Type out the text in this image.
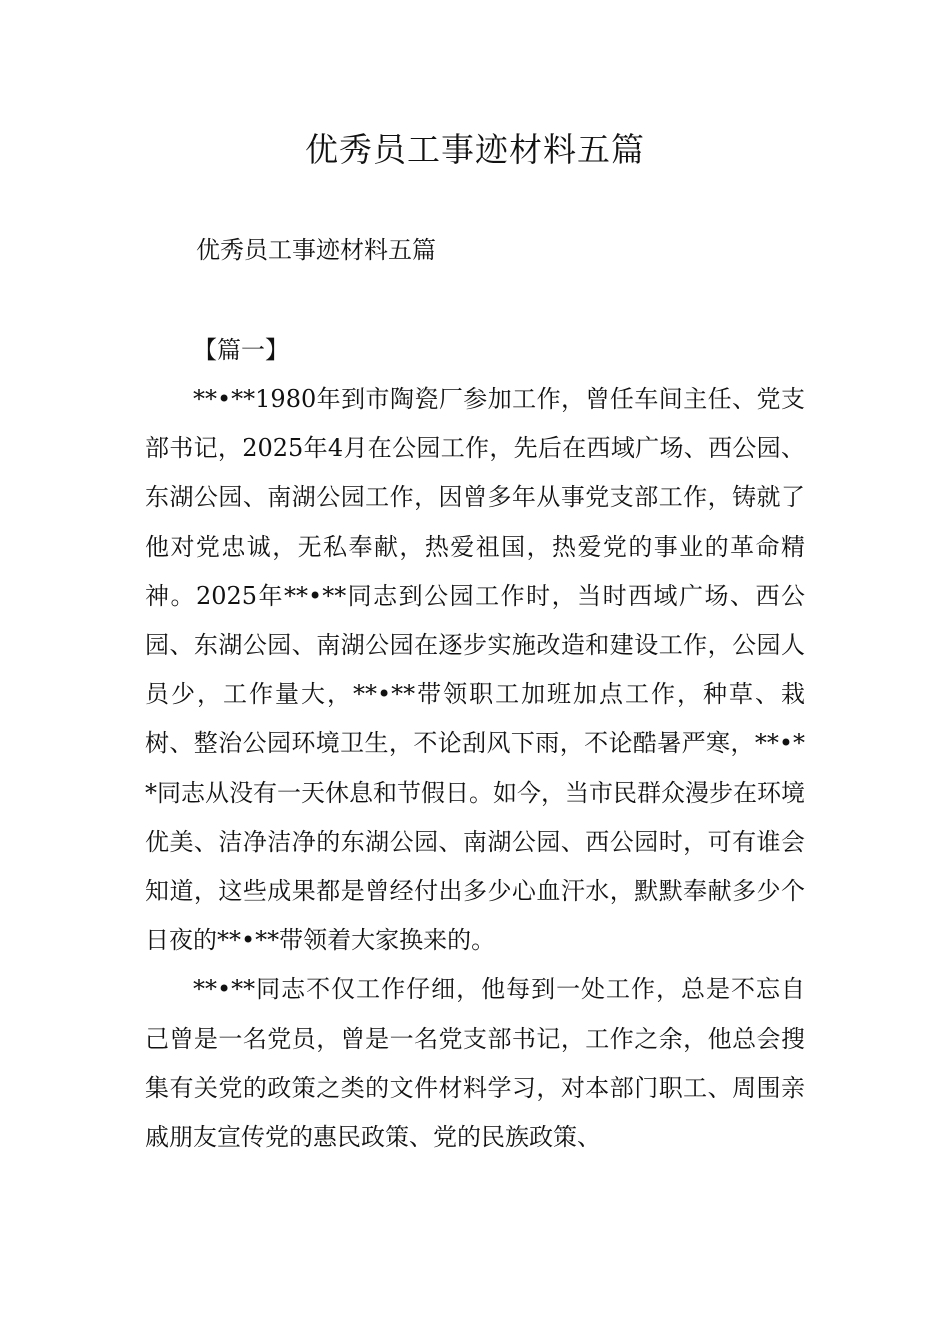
优秀员工事迹材料五篇

优秀员工事迹材料五篇

【篇一】

**•**1980年到市陶瓷厂参加工作，曾任车间主任、党支部书记，2025年4月在公园工作，先后在西域广场、西公园、东湖公园、南湖公园工作，因曾多年从事党支部工作，铸就了他对党忠诚，无私奉献，热爱祖国，热爱党的事业的革命精神。2025年**•**同志到公园工作时，当时西域广场、西公园、东湖公园、南湖公园在逐步实施改造和建设工作，公园人员少，工作量大，**•**带领职工加班加点工作，种草、栽树、整治公园环境卫生，不论刮风下雨，不论酷暑严寒，**•**同志从没有一天休息和节假日。如今，当市民群众漫步在环境优美、洁净洁净的东湖公园、南湖公园、西公园时，可有谁会知道，这些成果都是曾经付出多少心血汗水，默默奉献多少个日夜的**•**带领着大家换来的。

**•**同志不仅工作仔细，他每到一处工作，总是不忘自己曾是一名党员，曾是一名党支部书记，工作之余，他总会搜集有关党的政策之类的文件材料学习，对本部门职工、周围亲戚朋友宣传党的惠民政策、党的民族政策、
